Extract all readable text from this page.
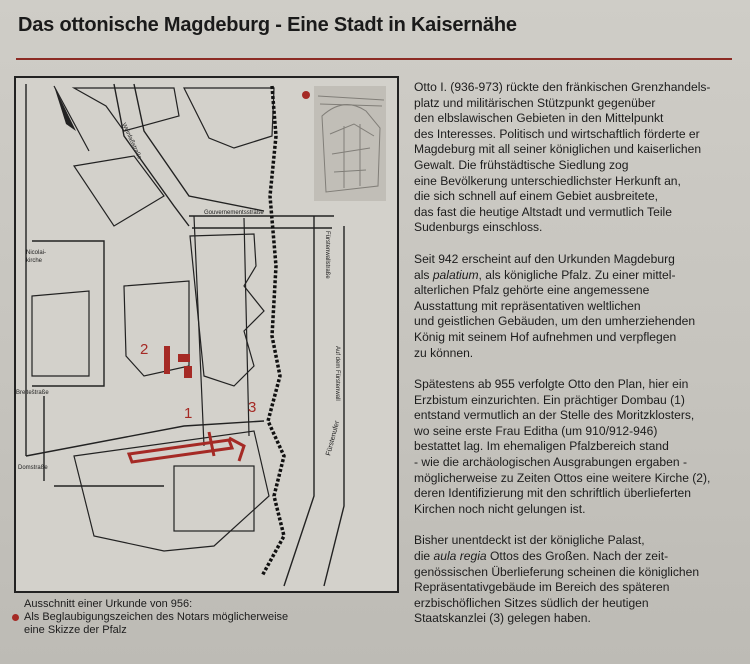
Das ottonische Magdeburg - Eine Stadt in Kaisernähe
Weinfaßstraße
Gouvernementsstraße
Fürstenwallstraße
Auf dem Fürstenwall
Nicolai-
kirche
Breiteštraße
Domstraße
Fürstenufer
1
2
3

Otto I. (936-973) rückte den fränkischen Grenzhandels-
platz und militärischen Stützpunkt gegenüber
den elbslawischen Gebieten in den Mittelpunkt
des Interesses. Politisch und wirtschaftlich förderte er
Magdeburg mit all seiner königlichen und kaiserlichen
Gewalt. Die frühstädtische Siedlung zog
eine Bevölkerung unterschiedlichster Herkunft an,
die sich schnell auf einem Gebiet ausbreitete,
das fast die heutige Altstadt und vermutlich Teile
Sudenburgs einschloss.

Seit 942 erscheint auf den Urkunden Magdeburg
als palatium, als königliche Pfalz. Zu einer mittel-
alterlichen Pfalz gehörte eine angemessene
Ausstattung mit repräsentativen weltlichen
und geistlichen Gebäuden, um den umherziehenden
König mit seinem Hof aufnehmen und verpflegen
zu können.

Spätestens ab 955 verfolgte Otto den Plan, hier ein
Erzbistum einzurichten. Ein prächtiger Dombau (1)
entstand vermutlich an der Stelle des Moritzklosters,
wo seine erste Frau Editha (um 910/912-946)
bestattet lag. Im ehemaligen Pfalzbereich stand
- wie die archäologischen Ausgrabungen ergaben -
möglicherweise zu Zeiten Ottos eine weitere Kirche (2),
deren Identifizierung mit den schriftlich überlieferten
Kirchen noch nicht gelungen ist.

Bisher unentdeckt ist der königliche Palast,
die aula regia Ottos des Großen. Nach der zeit-
genössischen Überlieferung scheinen die königlichen
Repräsentativgebäude im Bereich des späteren
erzbischöflichen Sitzes südlich der heutigen
Staatskanzlei (3) gelegen haben.

Ausschnitt einer Urkunde von 956:
Als Beglaubigungszeichen des Notars möglicherweise
eine Skizze der Pfalz
